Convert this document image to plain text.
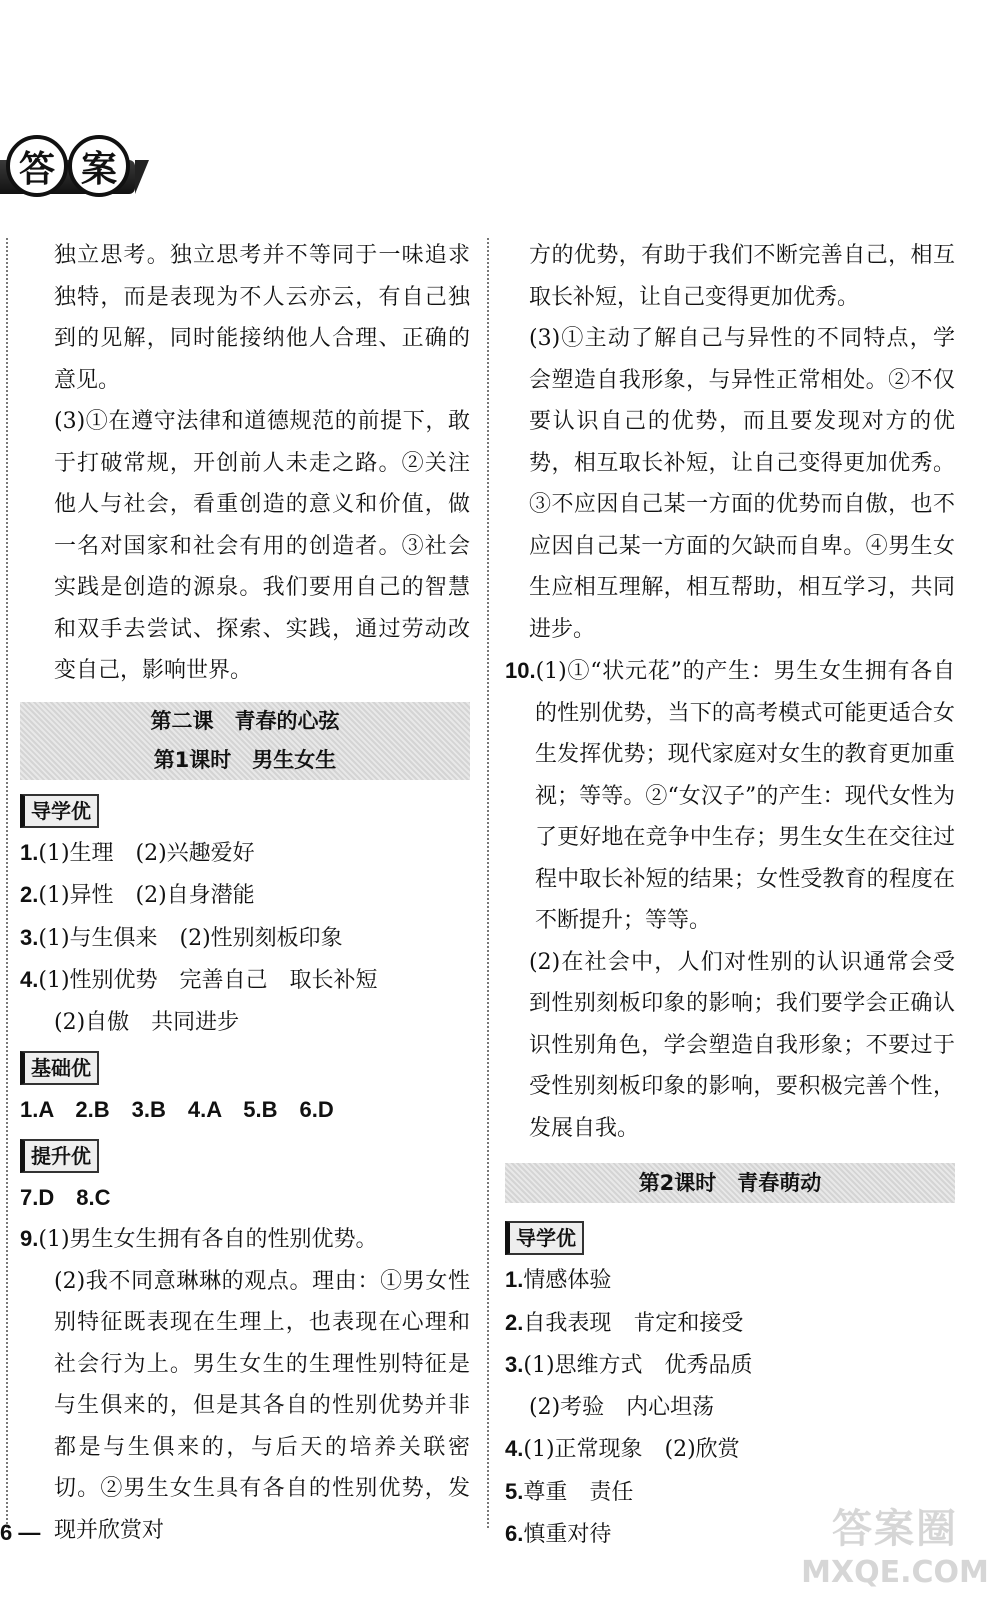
答 案

独立思考。独立思考并不等同于一味追求独特，而是表现为不人云亦云，有自己独到的见解，同时能接纳他人合理、正确的意见。

(3)①在遵守法律和道德规范的前提下，敢于打破常规，开创前人未走之路。②关注他人与社会，看重创造的意义和价值，做一名对国家和社会有用的创造者。③社会实践是创造的源泉。我们要用自己的智慧和双手去尝试、探索、实践，通过劳动改变自己，影响世界。

第二课　青春的心弦
第1课时　男生女生
导学优

1.(1)生理　(2)兴趣爱好

2.(1)异性　(2)自身潜能

3.(1)与生俱来　(2)性别刻板印象

4.(1)性别优势　完善自己　取长补短

(2)自傲　共同进步

基础优

1.A　2.B　3.B　4.A　5.B　6.D

提升优

7.D　8.C

9.(1)男生女生拥有各自的性别优势。

(2)我不同意琳琳的观点。理由：①男女性别特征既表现在生理上，也表现在心理和社会行为上。男生女生的生理性别特征是与生俱来的，但是其各自的性别优势并非都是与生俱来的，与后天的培养关联密切。②男生女生具有各自的性别优势，发现并欣赏对

方的优势，有助于我们不断完善自己，相互取长补短，让自己变得更加优秀。

(3)①主动了解自己与异性的不同特点，学会塑造自我形象，与异性正常相处。②不仅要认识自己的优势，而且要发现对方的优势，相互取长补短，让自己变得更加优秀。③不应因自己某一方面的优势而自傲，也不应因自己某一方面的欠缺而自卑。④男生女生应相互理解，相互帮助，相互学习，共同进步。

10.(1)①“状元花”的产生：男生女生拥有各自的性别优势，当下的高考模式可能更适合女生发挥优势；现代家庭对女生的教育更加重视；等等。②“女汉子”的产生：现代女性为了更好地在竞争中生存；男生女生在交往过程中取长补短的结果；女性受教育的程度在不断提升；等等。

(2)在社会中，人们对性别的认识通常会受到性别刻板印象的影响；我们要学会正确认识性别角色，学会塑造自我形象；不要过于受性别刻板印象的影响，要积极完善个性，发展自我。

第2课时　青春萌动
导学优

1.情感体验

2.自我表现　肯定和接受

3.(1)思维方式　优秀品质

(2)考验　内心坦荡

4.(1)正常现象　(2)欣赏

5.尊重　责任

6.慎重对待

6 —	答案圈
MXQE.COM
